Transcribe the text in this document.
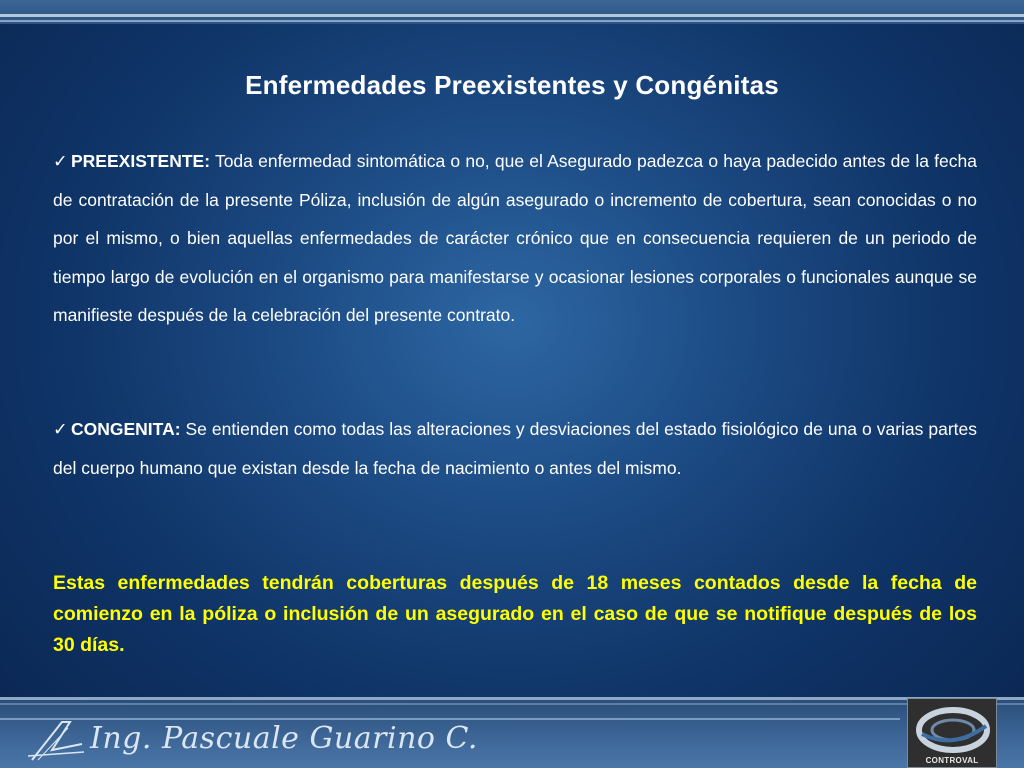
Enfermedades Preexistentes y Congénitas
✓ PREEXISTENTE: Toda enfermedad sintomática o no, que el Asegurado padezca o haya padecido antes de la fecha de contratación de la presente Póliza, inclusión de algún asegurado o incremento de cobertura, sean conocidas o no por el mismo, o bien aquellas enfermedades de carácter crónico que en consecuencia requieren de un periodo de tiempo largo de evolución en el organismo para manifestarse y ocasionar lesiones corporales o funcionales aunque se manifieste después de la celebración del presente contrato.
✓ CONGENITA: Se entienden como todas las alteraciones y desviaciones del estado fisiológico de una o varias partes del cuerpo humano que existan desde la fecha de nacimiento o antes del mismo.
Estas enfermedades tendrán coberturas después de 18 meses contados desde la fecha de comienzo en la póliza o inclusión de un asegurado en el caso de que se notifique después de los 30 días.
Ing. Pascuale Guarino C.
CONTROVAL
